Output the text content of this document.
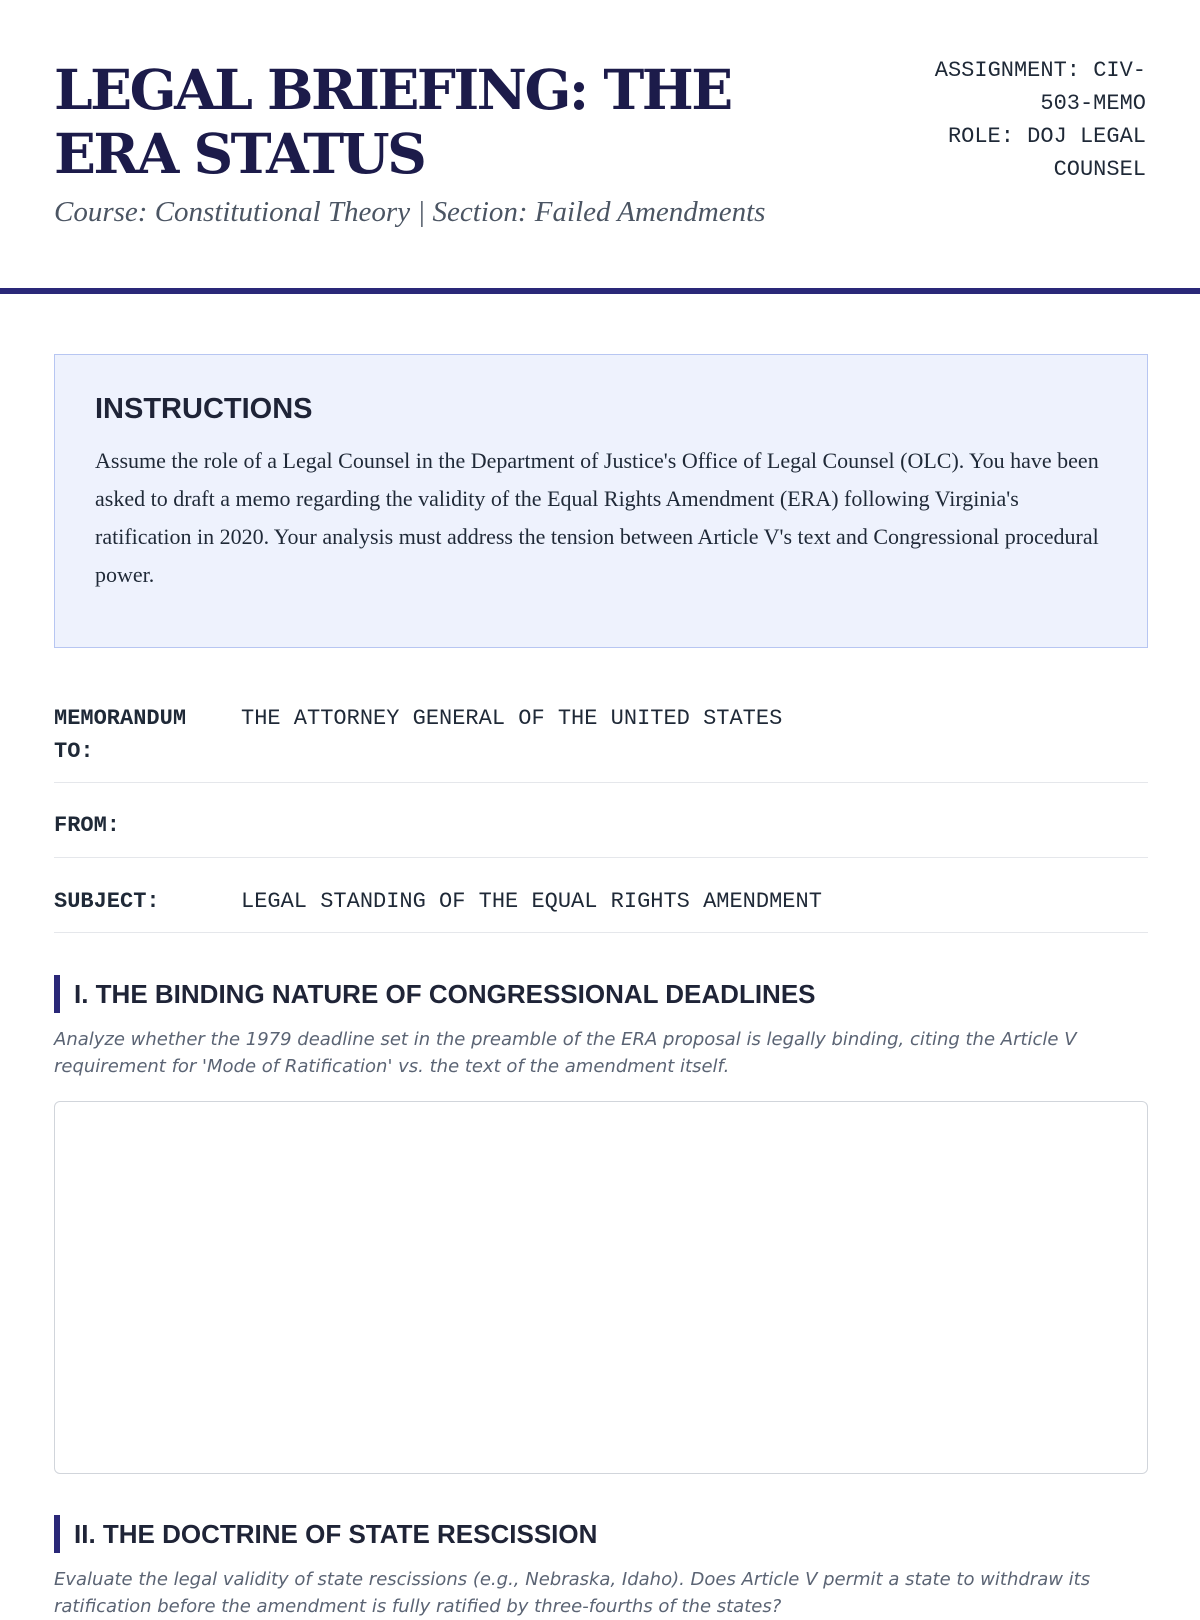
LEGAL BRIEFING: THE ERA STATUS
Course: Constitutional Theory | Section: Failed Amendments
ASSIGNMENT: CIV-503-MEMO
ROLE: DOJ LEGAL COUNSEL
INSTRUCTIONS

Assume the role of a Legal Counsel in the Department of Justice's Office of Legal Counsel (OLC). You have been asked to draft a memo regarding the validity of the Equal Rights Amendment (ERA) following Virginia's ratification in 2020. Your analysis must address the tension between Article V's text and Congressional procedural power.

MEMORANDUM TO:
THE ATTORNEY GENERAL OF THE UNITED STATES
FROM:
SUBJECT:	LEGAL STANDING OF THE EQUAL RIGHTS AMENDMENT
I. THE BINDING NATURE OF CONGRESSIONAL DEADLINES
Analyze whether the 1979 deadline set in the preamble of the ERA proposal is legally binding, citing the Article V requirement for 'Mode of Ratification' vs. the text of the amendment itself.
II. THE DOCTRINE OF STATE RESCISSION
Evaluate the legal validity of state rescissions (e.g., Nebraska, Idaho). Does Article V permit a state to withdraw its ratification before the amendment is fully ratified by three-fourths of the states?
